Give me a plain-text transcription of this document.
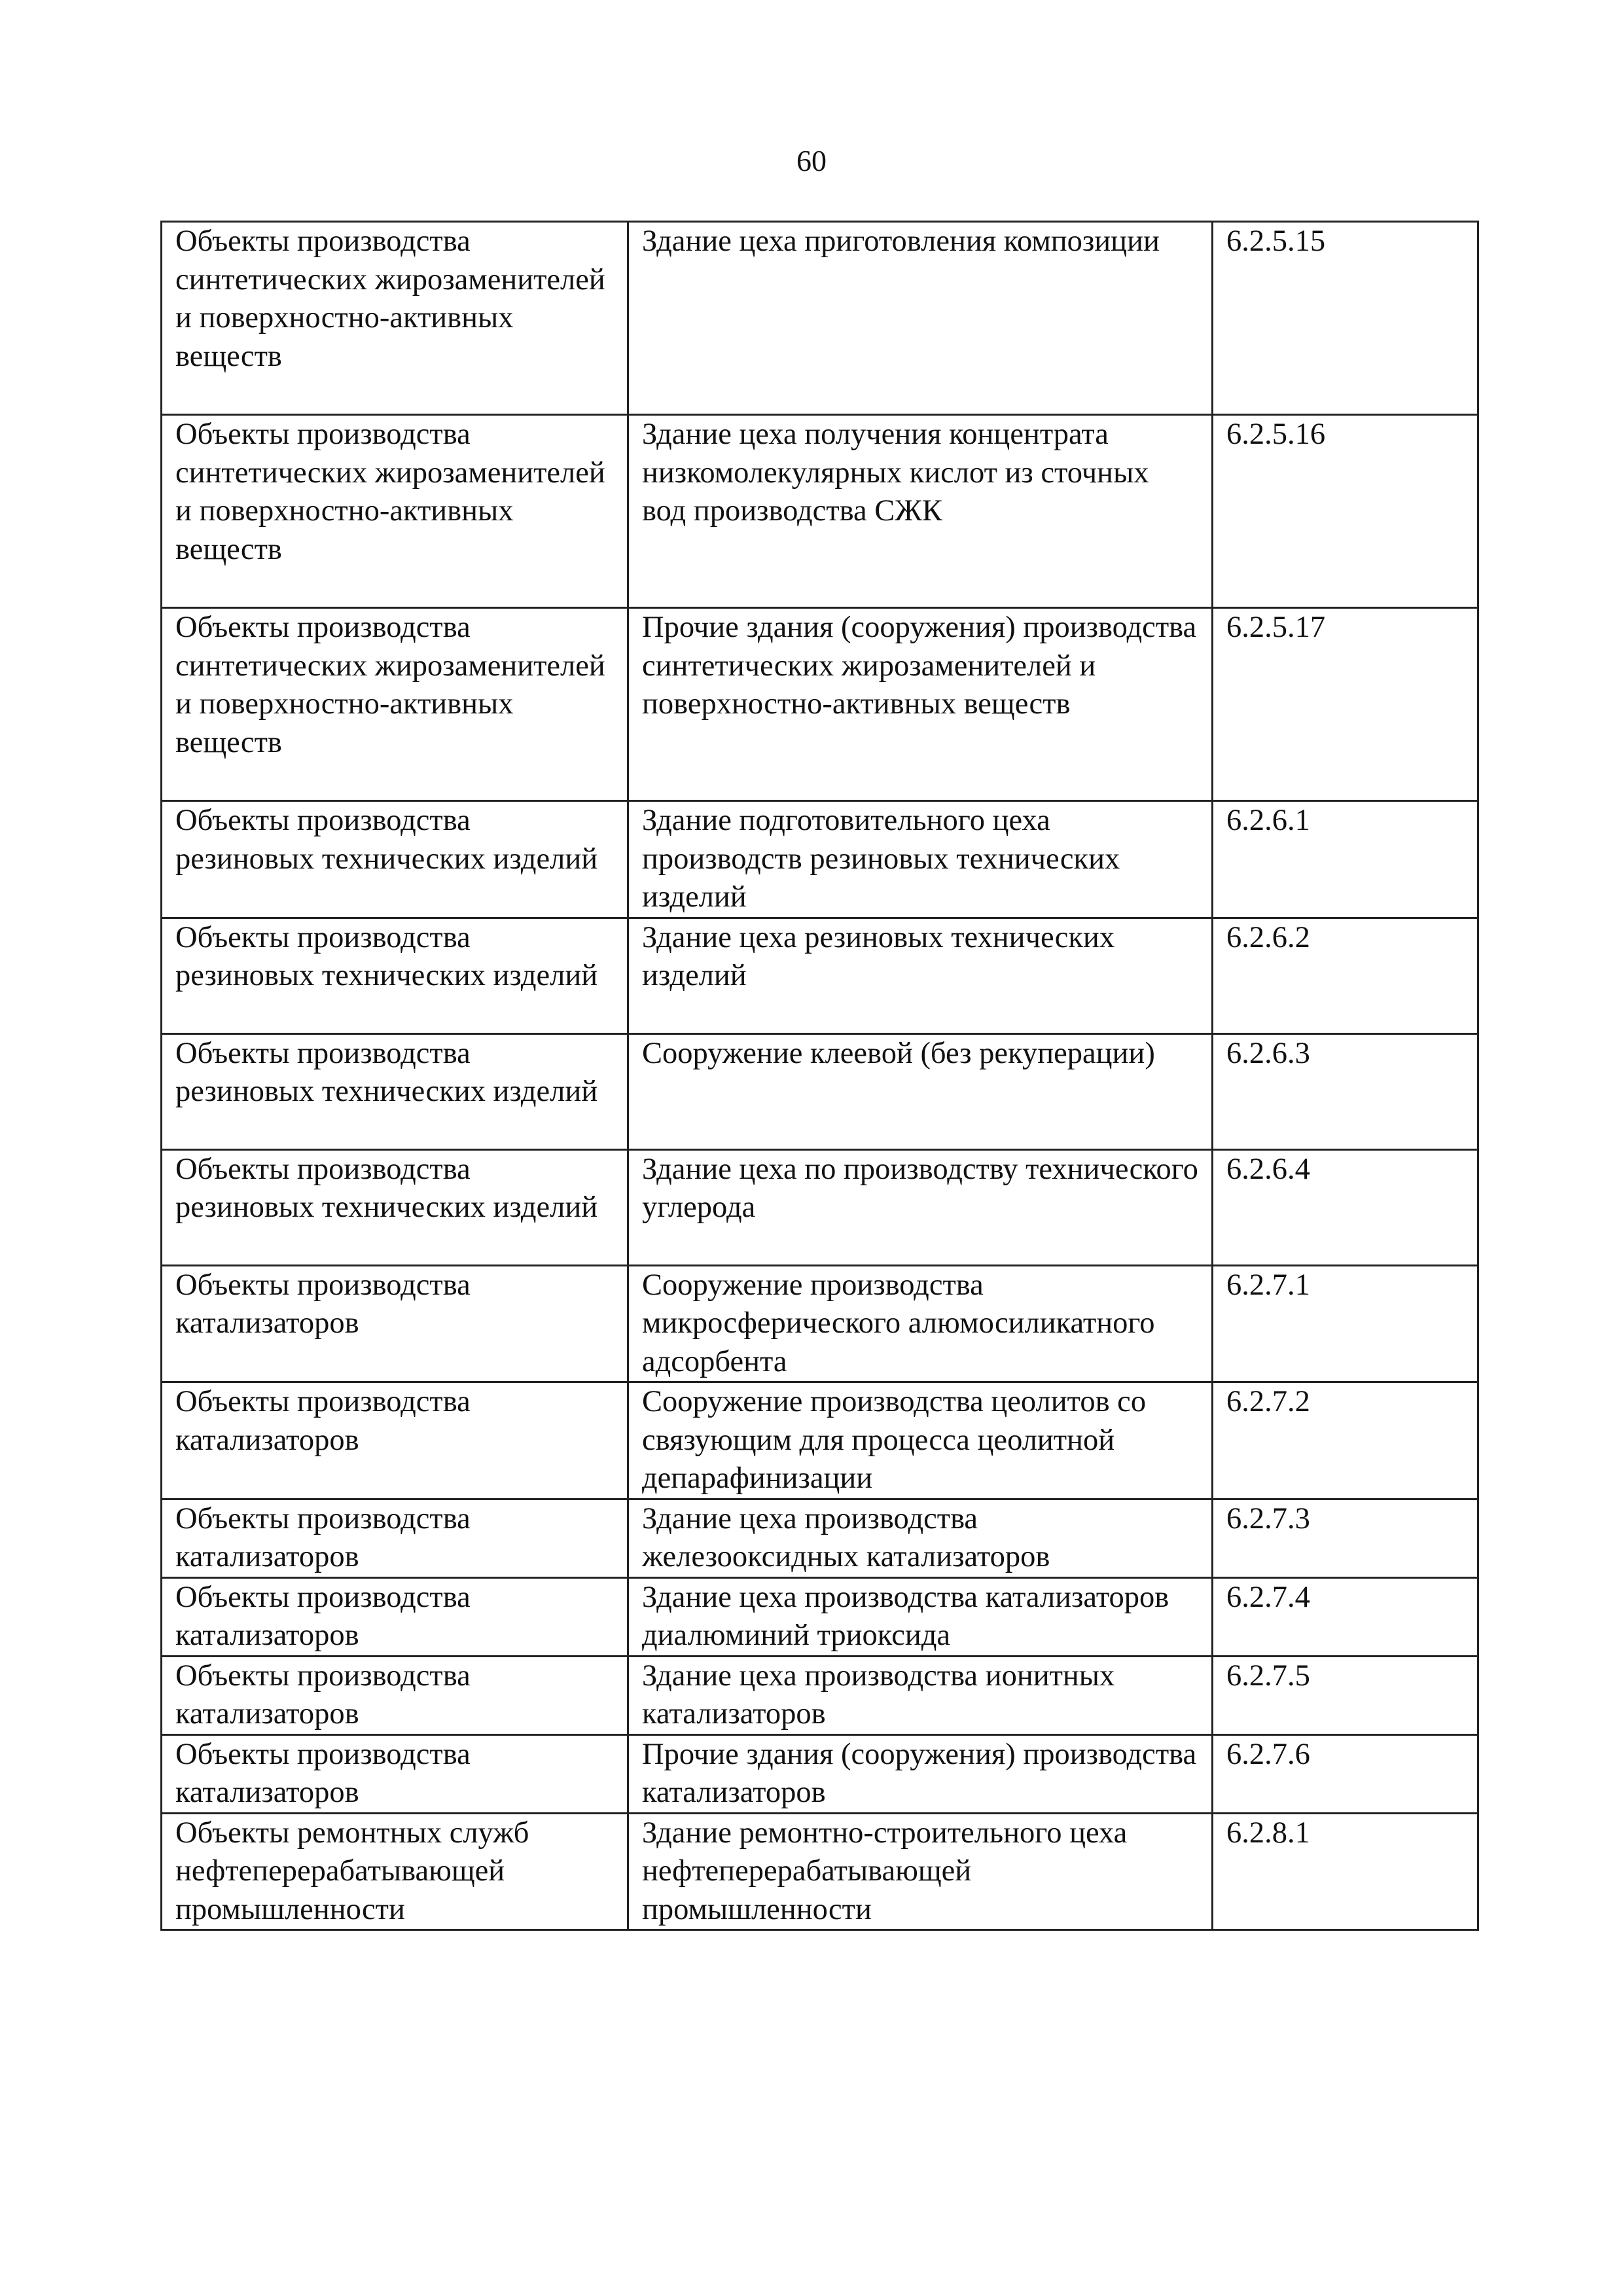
60
Объекты производства синтетических жирозаменителей и поверхностно-активных веществ	Здание цеха приготовления композиции	6.2.5.15
Объекты производства синтетических жирозаменителей и поверхностно-активных веществ	Здание цеха получения концентрата низкомолекулярных кислот из сточных вод производства СЖК	6.2.5.16
Объекты производства синтетических жирозаменителей и поверхностно-активных веществ	Прочие здания (сооружения) производства синтетических жирозаменителей и поверхностно-активных веществ	6.2.5.17
Объекты производства резиновых технических изделий	Здание подготовительного цеха производств резиновых технических изделий	6.2.6.1
Объекты производства резиновых технических изделий	Здание цеха резиновых технических изделий	6.2.6.2
Объекты производства резиновых технических изделий	Сооружение клеевой (без рекуперации)	6.2.6.3
Объекты производства резиновых технических изделий	Здание цеха по производству технического углерода	6.2.6.4
Объекты производства катализаторов	Сооружение производства микросферического алюмосиликатного адсорбента	6.2.7.1
Объекты производства катализаторов	Сооружение производства цеолитов со связующим для процесса цеолитной депарафинизации	6.2.7.2
Объекты производства катализаторов	Здание цеха производства железооксидных катализаторов	6.2.7.3
Объекты производства катализаторов	Здание цеха производства катализаторов диалюминий триоксида	6.2.7.4
Объекты производства катализаторов	Здание цеха производства ионитных катализаторов	6.2.7.5
Объекты производства катализаторов	Прочие здания (сооружения) производства катализаторов	6.2.7.6
Объекты ремонтных служб нефтеперерабатывающей промышленности	Здание ремонтно-строительного цеха нефтеперерабатывающей промышленности	6.2.8.1
